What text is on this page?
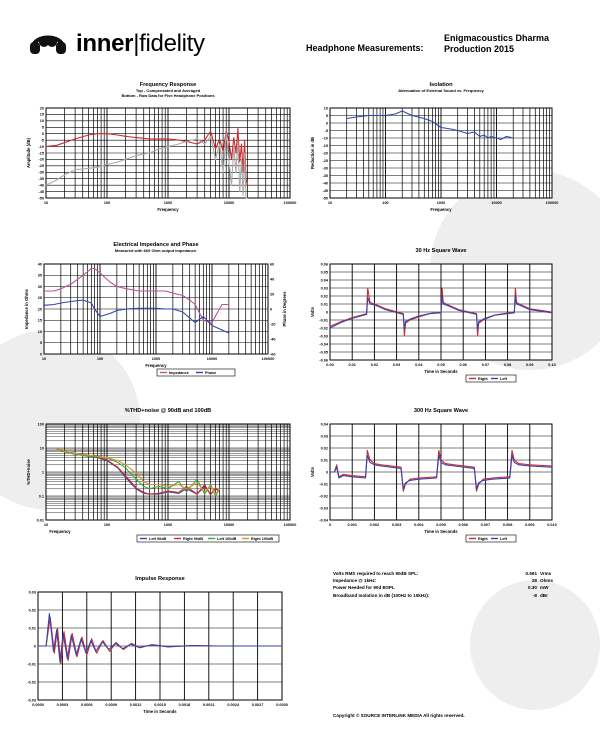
inner|fidelity	Headphone Measurements:
Enigmacoustics Dharma
Production 2015
Frequency Response
Top - Compensated and Averaged
Bottom - Raw Data for Five Headphone Positions
10	100	1000	10000	100000
20
15
10
5
0
-5
-10
-15
-20
-25
-30
-35
-40
-45
-50
Frequency
Amplitude (dB)
Isolation
Attenuation of External Sound vs. Frequency
10	100	1000	10000	100000
10
5
0
-5
-10
-15
-20
-25
-30
-35
-40
-45
-50
Frequency
Reduction in dB
Electrical Impedance and Phase
Measured with 669 Ohm output impedance.
10	100	1000	10000	100000
40
35
30
25
20
15
10
5
0
60
40
20
0
-20
-40
-60
Frequency
Impedance in Ohms	Phase in Degrees
Impedance	Phase
30 Hz Square Wave
0.00	0.01	0.02	0.03	0.04	0.05	0.06	0.07	0.08	0.09	0.10
0.06
0.05
0.04
0.03
0.02
0.01
0
-0.01
-0.02
-0.03
-0.04
-0.05
-0.06
Time in Seconds
Volts
Right	Left
%THD+noise @ 90dB and 100dB
10	100	1000	10000	100000
100
10
1
0.1
0.01
Frequency
%THD+noise
Left 90dB	Right 90dB	Left 100dB	Right 100dB
300 Hz Square Wave
0	0.001	0.002	0.003	0.004	0.005	0.006	0.007	0.008	0.009	0.010
0.04
0.03
0.02
0.01
0
-0.01
-0.02
-0.03
-0.04
Time in Seconds
Volts
Right	Left
Impulse Response
0.0000	0.0003	0.0006	0.0009	0.0012	0.0015	0.0018	0.0021	0.0024	0.0027	0.0030
0.03
0.02
0.01
0
-0.01
-0.02
-0.03
Time in Seconds
Volts RMS required to reach 90dB SPL:	0.591 Vrms
Impedance @ 1kHz:	28 Ohms
Power Needed for 90d BSPL	0.30 mW
Broadband Isolation in dB (100Hz to 10kHz):	-8 dBr
Copyright © SOURCE INTERLINK MEDIA All rights reserved.
